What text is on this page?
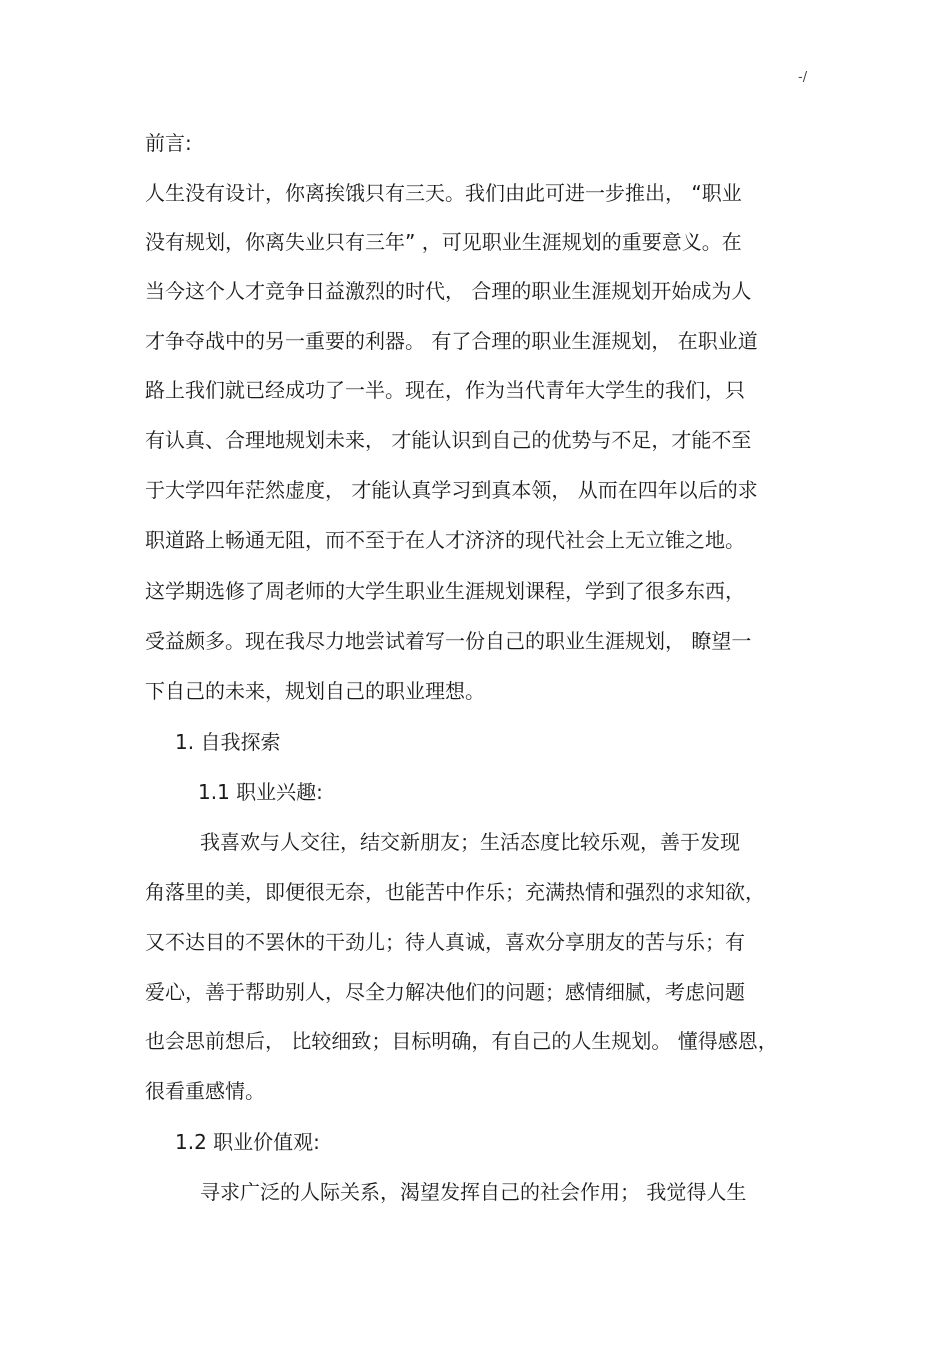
-/
前言:
人生没有设计，你离挨饿只有三天。我们由此可进一步推出， “职业
没有规划，你离失业只有三年” ，可见职业生涯规划的重要意义。在
当今这个人才竞争日益激烈的时代， 合理的职业生涯规划开始成为人
才争夺战中的另一重要的利器。 有了合理的职业生涯规划， 在职业道
路上我们就已经成功了一半。现在，作为当代青年大学生的我们，只
有认真、合理地规划未来， 才能认识到自己的优势与不足，才能不至
于大学四年茫然虚度， 才能认真学习到真本领， 从而在四年以后的求
职道路上畅通无阻，而不至于在人才济济的现代社会上无立锥之地。
这学期选修了周老师的大学生职业生涯规划课程，学到了很多东西，
受益颇多。现在我尽力地尝试着写一份自己的职业生涯规划， 瞭望一
下自己的未来，规划自己的职业理想。
1. 自我探索
1.1 职业兴趣:
我喜欢与人交往，结交新朋友；生活态度比较乐观，善于发现
角落里的美，即便很无奈，也能苦中作乐；充满热情和强烈的求知欲，
又不达目的不罢休的干劲儿；待人真诚，喜欢分享朋友的苦与乐；有
爱心，善于帮助别人，尽全力解决他们的问题；感情细腻，考虑问题
也会思前想后， 比较细致；目标明确，有自己的人生规划。 懂得感恩，
很看重感情。
1.2 职业价值观:
寻求广泛的人际关系，渴望发挥自己的社会作用； 我觉得人生
